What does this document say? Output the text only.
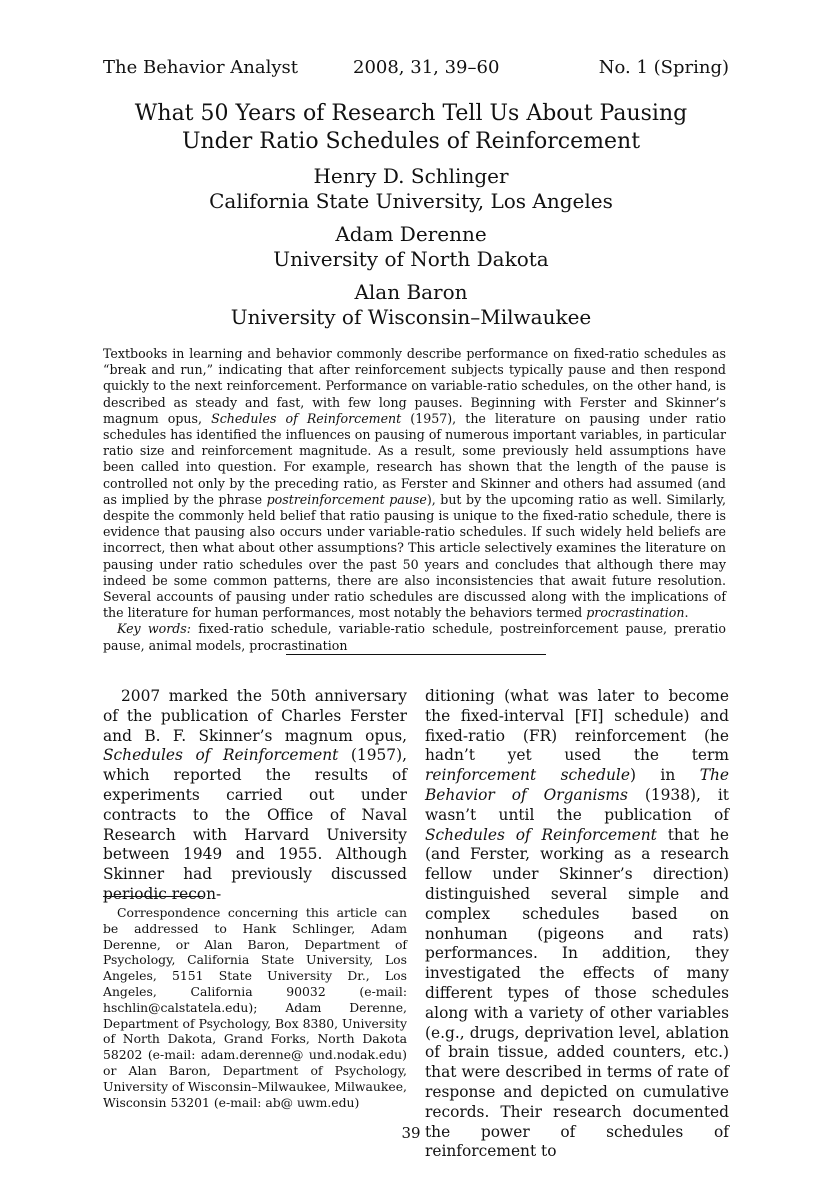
The Behavior Analyst	2008, 31, 39–60	No. 1 (Spring)
What 50 Years of Research Tell Us About Pausing
Under Ratio Schedules of Reinforcement
Henry D. Schlinger
California State University, Los Angeles
Adam Derenne
University of North Dakota
Alan Baron
University of Wisconsin–Milwaukee

Textbooks in learning and behavior commonly describe performance on fixed-ratio schedules as “break and run,” indicating that after reinforcement subjects typically pause and then respond quickly to the next reinforcement. Performance on variable-ratio schedules, on the other hand, is described as steady and fast, with few long pauses. Beginning with Ferster and Skinner’s magnum opus, Schedules of Reinforcement (1957), the literature on pausing under ratio schedules has identified the influences on pausing of numerous important variables, in particular ratio size and reinforcement magnitude. As a result, some previously held assumptions have been called into question. For example, research has shown that the length of the pause is controlled not only by the preceding ratio, as Ferster and Skinner and others had assumed (and as implied by the phrase postreinforcement pause), but by the upcoming ratio as well. Similarly, despite the commonly held belief that ratio pausing is unique to the fixed-ratio schedule, there is evidence that pausing also occurs under variable-ratio schedules. If such widely held beliefs are incorrect, then what about other assumptions? This article selectively examines the literature on pausing under ratio schedules over the past 50 years and concludes that although there may indeed be some common patterns, there are also inconsistencies that await future resolution. Several accounts of pausing under ratio schedules are discussed along with the implications of the literature for human performances, most notably the behaviors termed procrastination.

Key words: fixed-ratio schedule, variable-ratio schedule, postreinforcement pause, preratio pause, animal models, procrastination

2007 marked the 50th anniversary of the publication of Charles Ferster and B. F. Skinner’s magnum opus, Schedules of Reinforcement (1957), which reported the results of experiments carried out under contracts to the Office of Naval Research with Harvard University between 1949 and 1955. Although Skinner had previously discussed periodic recon-

Correspondence concerning this article can be addressed to Hank Schlinger, Adam Derenne, or Alan Baron, Department of Psychology, California State University, Los Angeles, 5151 State University Dr., Los Angeles, California 90032 (e-mail: hschlin@calstatela.edu); Adam Derenne, Department of Psychology, Box 8380, University of North Dakota, Grand Forks, North Dakota 58202 (e-mail: adam.derenne@ und.nodak.edu) or Alan Baron, Department of Psychology, University of Wisconsin–Milwaukee, Milwaukee, Wisconsin 53201 (e-mail: ab@ uwm.edu)

ditioning (what was later to become the fixed-interval [FI] schedule) and fixed-ratio (FR) reinforcement (he hadn’t yet used the term reinforcement schedule) in The Behavior of Organisms (1938), it wasn’t until the publication of Schedules of Reinforcement that he (and Ferster, working as a research fellow under Skinner’s direction) distinguished several simple and complex schedules based on nonhuman (pigeons and rats) performances. In addition, they investigated the effects of many different types of those schedules along with a variety of other variables (e.g., drugs, deprivation level, ablation of brain tissue, added counters, etc.) that were described in terms of rate of response and depicted on cumulative records. Their research documented the power of schedules of reinforcement to

39
